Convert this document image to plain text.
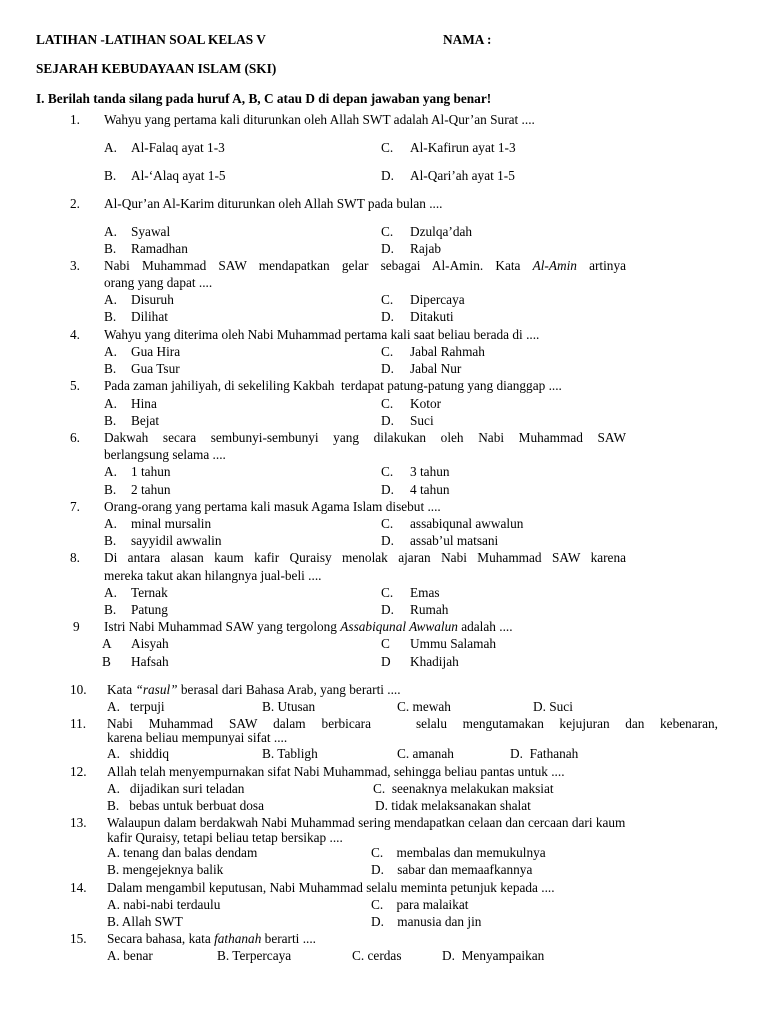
LATIHAN -LATIHAN SOAL KELAS V	NAMA :
SEJARAH KEBUDAYAAN ISLAM (SKI)
I. Berilah tanda silang pada huruf A, B, C atau D di depan jawaban yang benar!
1. Wahyu yang pertama kali diturunkan oleh Allah SWT adalah Al-Qur’an Surat ....
A. Al-Falaq ayat 1-3
B. Al-‘Alaq ayat 1-5
C. Al-Kafirun ayat 1-3
D. Al-Qari’ah ayat 1-5
2. Al-Qur’an Al-Karim diturunkan oleh Allah SWT pada bulan ....
A. Syawal
B. Ramadhan
C. Dzulqa’dah
D. Rajab
3. Nabi Muhammad SAW mendapatkan gelar sebagai Al-Amin. Kata Al-Amin artinya
orang yang dapat ....
A. Disuruh
B. Dilihat
C. Dipercaya
D. Ditakuti
4. Wahyu yang diterima oleh Nabi Muhammad pertama kali saat beliau berada di ....
A. Gua Hira
B. Gua Tsur
C. Jabal Rahmah
D. Jabal Nur
5. Pada zaman jahiliyah, di sekeliling Kakbah  terdapat patung-patung yang dianggap ....
A. Hina
B. Bejat
C. Kotor
D. Suci
6. Dakwah secara sembunyi-sembunyi yang dilakukan oleh Nabi Muhammad SAW
berlangsung selama ....
A. 1 tahun
B. 2 tahun
C. 3 tahun
D. 4 tahun
7. Orang-orang yang pertama kali masuk Agama Islam disebut ....
A. minal mursalin
B. sayyidil awwalin
C. assabiqunal awwalun
D. assab’ul matsani
8. Di antara alasan kaum kafir Quraisy menolak ajaran Nabi Muhammad SAW karena
mereka takut akan hilangnya jual-beli ....
A. Ternak
B. Patung
C. Emas
D. Rumah
9 Istri Nabi Muhammad SAW yang tergolong Assabiqunal Awwalun adalah ....
A Aisyah
B Hafsah
C Ummu Salamah
D Khadijah
10. Kata “rasul” berasal dari Bahasa Arab, yang berarti ....
A. terpuji	B. Utusan	C. mewah	D. Suci
11. Nabi Muhammad SAW dalam berbicara	selalu mengutamakan kejujuran dan kebenaran,
karena beliau mempunyai sifat ....
A. shiddiq	B. Tabligh	C. amanah	D. Fathanah
12. Allah telah menyempurnakan sifat Nabi Muhammad, sehingga beliau pantas untuk ....
A. dijadikan suri teladan
B. bebas untuk berbuat dosa
C. seenaknya melakukan maksiat
D. tidak melaksanakan shalat
13. Walaupun dalam berdakwah Nabi Muhammad sering mendapatkan celaan dan cercaan dari kaum
kafir Quraisy, tetapi beliau tetap bersikap ....
A. tenang dan balas dendam
B. mengejeknya balik
C. membalas dan memukulnya
D. sabar dan memaafkannya
14. Dalam mengambil keputusan, Nabi Muhammad selalu meminta petunjuk kepada ....
A. nabi-nabi terdaulu
B. Allah SWT
C. para malaikat
D. manusia dan jin
15. Secara bahasa, kata fathanah berarti ....
A. benar	B. Terpercaya	C. cerdas	D. Menyampaikan
